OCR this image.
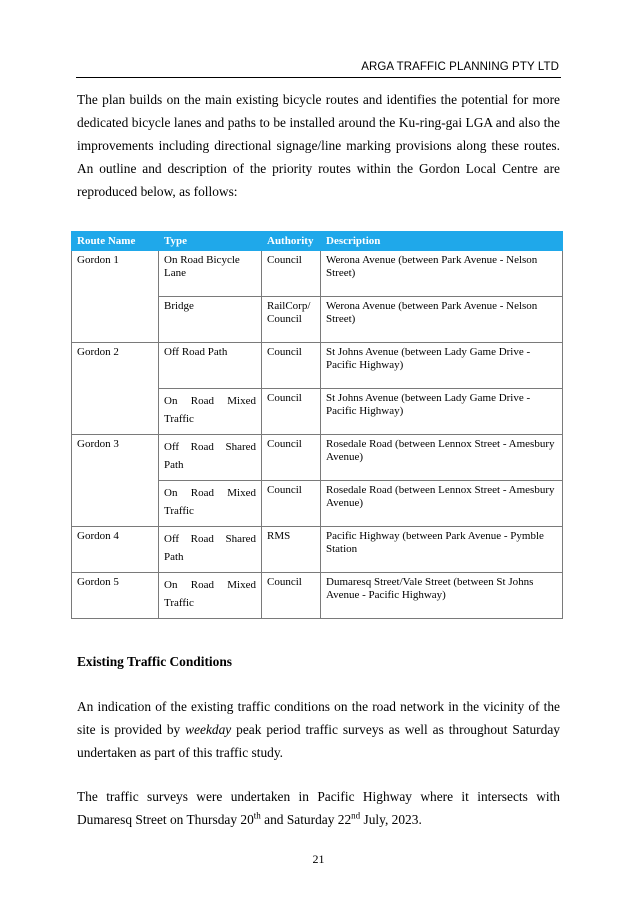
ARGA TRAFFIC PLANNING PTY LTD

The plan builds on the main existing bicycle routes and identifies the potential for more dedicated bicycle lanes and paths to be installed around the Ku-ring-gai LGA and also the improvements including directional signage/line marking provisions along these routes. An outline and description of the priority routes within the Gordon Local Centre are reproduced below, as follows:

Route Name	Type	Authority	Description
Gordon 1	On Road Bicycle Lane	Council	Werona Avenue (between Park Avenue - Nelson Street)
	Bridge	RailCorp/ Council	Werona Avenue (between Park Avenue - Nelson Street)
Gordon 2	Off Road Path	Council	St Johns Avenue (between Lady Game Drive - Pacific Highway)
	On Road Mixed Traffic	Council	St Johns Avenue (between Lady Game Drive - Pacific Highway)
Gordon 3	Off Road Shared Path	Council	Rosedale Road (between Lennox Street - Amesbury Avenue)
	On Road Mixed Traffic	Council	Rosedale Road (between Lennox Street - Amesbury Avenue)
Gordon 4	Off Road Shared Path	RMS	Pacific Highway (between Park Avenue - Pymble Station
Gordon 5	On Road Mixed Traffic	Council	Dumaresq Street/Vale Street (between St Johns Avenue - Pacific Highway)
Existing Traffic Conditions

An indication of the existing traffic conditions on the road network in the vicinity of the site is provided by weekday peak period traffic surveys as well as throughout Saturday undertaken as part of this traffic study.

The traffic surveys were undertaken in Pacific Highway where it intersects with Dumaresq Street on Thursday 20th and Saturday 22nd July, 2023.

21
